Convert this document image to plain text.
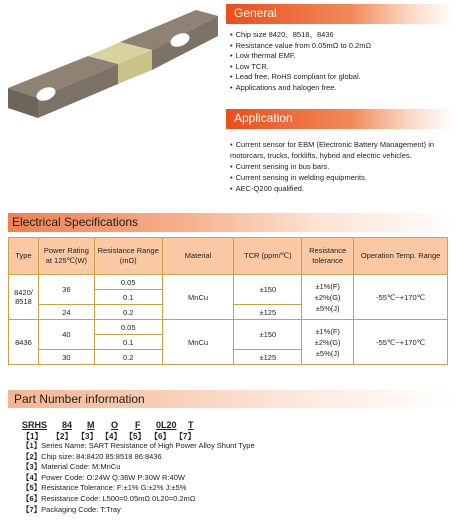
General
• Chip size 8420、8518、8436
• Resistance value from 0.05mΩ to 0.2mΩ
• Low thermal EMF.
• Low TCR.
• Lead free, RoHS compliant for global.
• Applications and halogen free.
Application
• Current sensor for EBM (Electronic Battery Management) in motorcars, trucks, forklifts, hybrid and electric vehicles.
• Current sensing in bus bars.
• Current sensing in welding equipments.
• AEC-Q200 qualified.
Electrical Specifications
Type	Power Rating at 125℃(W)	Resistance Range (mΩ)	Material	TCR (ppm/℃)	Resistance tolerance	Operation Temp. Range
8420/ 8518	36	0.05	MnCu	±150	±1%(F)
±2%(G)
±5%(J)	-55℃~+170℃
		0.1				
	24	0.2		±125		
8436	40	0.05	MnCu	±150	±1%(F)
±2%(G)
±5%(J)	-55℃~+170℃
		0.1				
	30	0.2		±125		
Part Number information
SRHS 84 M O F 0L20 T
【1】 【2】 【3】 【4】 【5】 【6】 【7】
【1】Series Name: SART Resistance of High Power Alloy Shunt Type
【2】Chip size: 84:8420 85:8518 86:8436
【3】Material Code: M:MnCu
【4】Power Code: O:24W Q:36W P:30W R:40W
【5】Resistance Tolerance: F:±1% G:±2% J:±5%
【6】Resistance Code: L500=0.05mΩ 0L20=0.2mΩ
【7】Packaging Code: T:Tray
